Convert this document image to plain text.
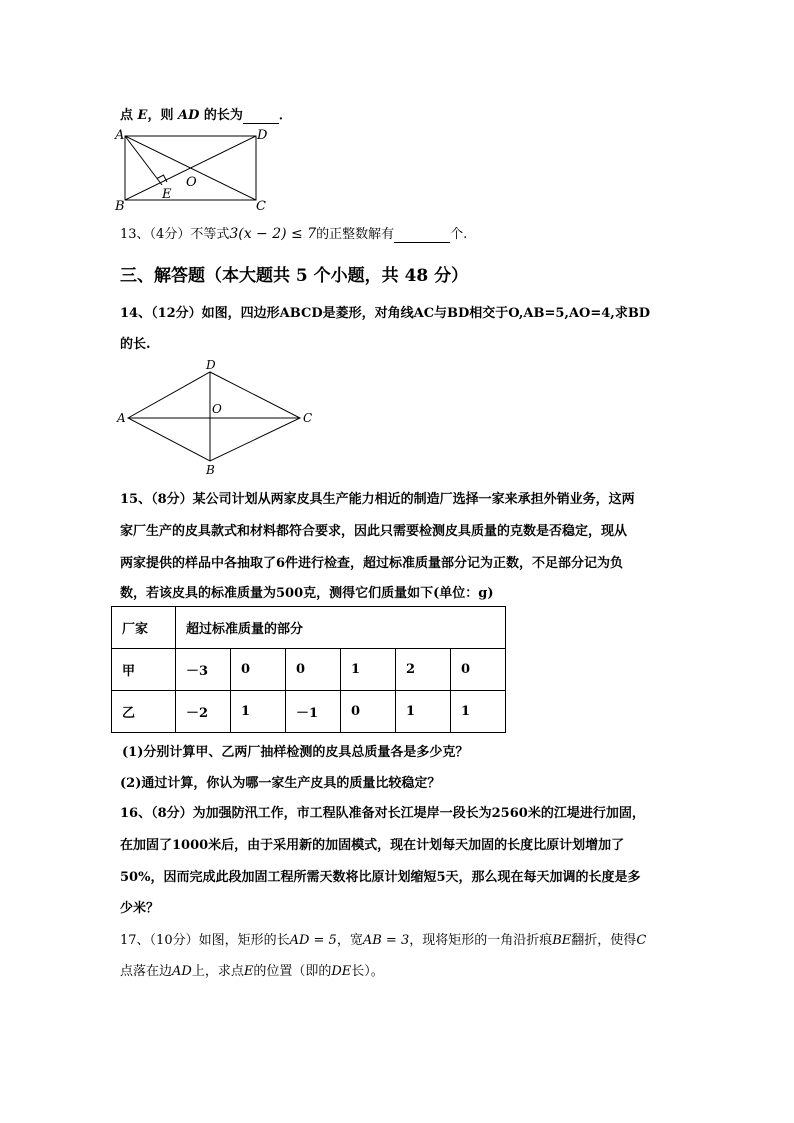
点 E，则 AD 的长为	．
A	D
B	C
O
E
13、（4分）不等式3(x − 2) ≤ 7的正整数解有	个.
三、解答题（本大题共 5 个小题，共 48 分）
14、（12分）如图，四边形ABCD是菱形，对角线AC与BD相交于O,AB=5,AO=4,求BD
的长.
A
D
C
B
O
15、（8分）某公司计划从两家皮具生产能力相近的制造厂选择一家来承担外销业务，这两
家厂生产的皮具款式和材料都符合要求，因此只需要检测皮具质量的克数是否稳定，现从
两家提供的样品中各抽取了6件进行检查，超过标准质量部分记为正数，不足部分记为负
数，若该皮具的标准质量为500克，测得它们质量如下(单位：g)
厂家	超过标准质量的部分					
甲	－3	0	0	1	2	0
乙	－2	1	－1	0	1	1
(1)分别计算甲、乙两厂抽样检测的皮具总质量各是多少克？
(2)通过计算，你认为哪一家生产皮具的质量比较稳定？
16、（8分）为加强防汛工作，市工程队准备对长江堤岸一段长为2560米的江堤进行加固，
在加固了1000米后，由于采用新的加固模式，现在计划每天加固的长度比原计划增加了
50%，因而完成此段加固工程所需天数将比原计划缩短5天，那么现在每天加调的长度是多
少米？
17、（10分）如图，矩形的长AD = 5，宽AB = 3，现将矩形的一角沿折痕BE翻折，使得C
点落在边AD上，求点E的位置（即的DE长）。
